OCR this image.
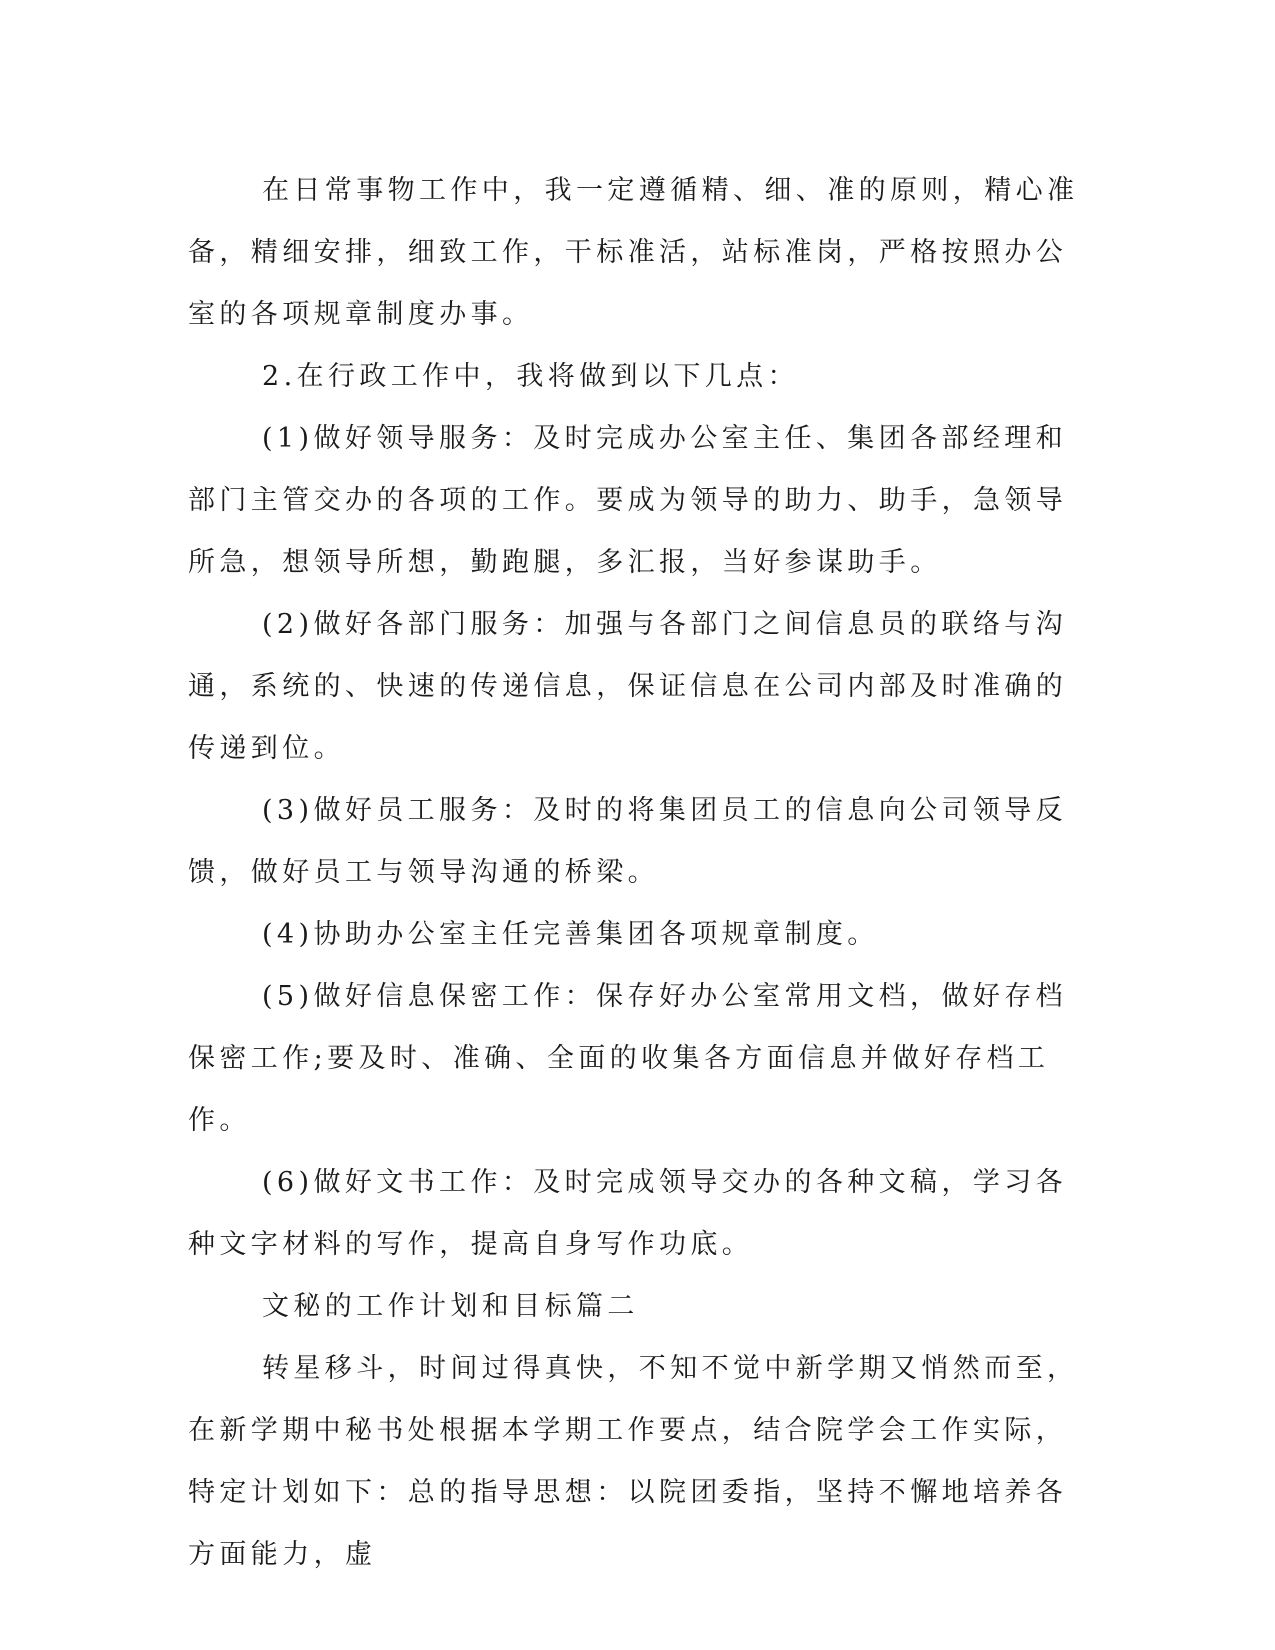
在日常事物工作中，我一定遵循精、细、准的原则，精心准备，精细安排，细致工作，干标准活，站标准岗，严格按照办公室的各项规章制度办事。

2.在行政工作中，我将做到以下几点：

(1)做好领导服务：及时完成办公室主任、集团各部经理和部门主管交办的各项的工作。要成为领导的助力、助手，急领导所急，想领导所想，勤跑腿，多汇报，当好参谋助手。

(2)做好各部门服务：加强与各部门之间信息员的联络与沟通，系统的、快速的传递信息，保证信息在公司内部及时准确的传递到位。

(3)做好员工服务：及时的将集团员工的信息向公司领导反馈，做好员工与领导沟通的桥梁。

(4)协助办公室主任完善集团各项规章制度。

(5)做好信息保密工作：保存好办公室常用文档，做好存档保密工作;要及时、准确、全面的收集各方面信息并做好存档工作。

(6)做好文书工作：及时完成领导交办的各种文稿，学习各种文字材料的写作，提高自身写作功底。

文秘的工作计划和目标篇二

转星移斗，时间过得真快，不知不觉中新学期又悄然而至，在新学期中秘书处根据本学期工作要点，结合院学会工作实际，特定计划如下：总的指导思想：以院团委指，坚持不懈地培养各方面能力，虚
